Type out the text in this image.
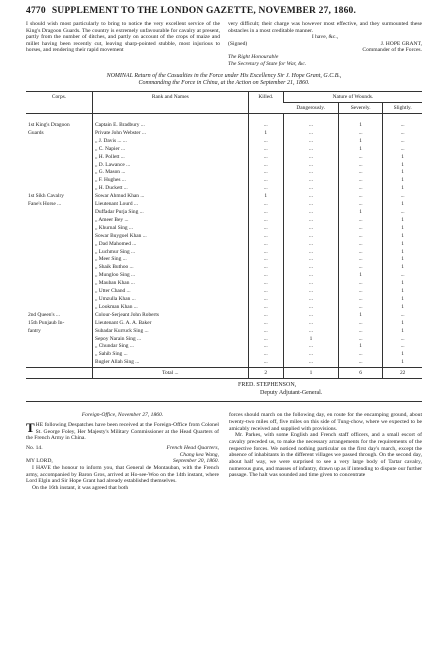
4770 SUPPLEMENT TO THE LONDON GAZETTE, NOVEMBER 27, 1860.
I should wish most particularly to bring to notice the very excellent service of the King's Dragoon Guards. The country is extremely unfavourable for cavalry at present, partly from the number of ditches, and partly on account of the crops of maize and millet having been recently cut, leaving sharp-pointed stubble, most injurious to horses, and rendering their rapid movement
very difficult; their charge was however most effective, and they surmounted these obstacles in a most creditable manner.
I have, &c.,
(Signed)	J. HOPE GRANT,
Commander of the Forces.
The Right Honourable
The Secretary of State for War, &c.
NOMINAL Return of the Casualties in the Force under His Excellency Sir J. Hope Grant, G.C.B.,
Commanding the Force in China, at the Action on September 21, 1860.
Corps.	Rank and Names	Killed.	Nature of Wounds.		
			Dangerously.	Severely.	Slightly.

1st King's Dragoon	Captain E. Bradbury ...	...	...	1	...
Guards	Private John Webster ...	1	...	...	...
	„ J. Davis ... ...	...	...	1	...
	„ C. Napier ...	...	...	1	...
	„ H. Pollett ...	...	...	...	1
	„ D. Lawance ...	...	...	...	1
	„ G. Mason ...	...	...	...	1
	„ F. Hughes ...	...	...	...	1
	„ H. Duckett ...	...	...	...	1
1st Sikh Cavalry	Sowar Ahmud Khan ...	1	...	...	...
Fane's Horse ...	Lieutenant Lourd ...	...	...	...	1
	Duffadar Purja Sing ...	...	...	1	...
	„ Ameer Bey ...	...	...	...	1
	„ Khurnal Sing ...	...	...	...	1
	Sowar Buygoel Khan ...	...	...	...	1
	„ Dad Mahomed ...	...	...	...	1
	„ Luchmur Sing ...	...	...	...	1
	„ Meer Sing ...	...	...	...	1
	„ Shaik Buthoo ...	...	...	...	1
	„ Mungloo Sing ...	...	...	1	...
	„ Mauban Khan ...	...	...	...	1
	„ Utter Chand ...	...	...	...	1
	„ Umzulla Khan ...	...	...	...	1
	„ Lookman Khan ...	...	...	...	1
2nd Queen's ...	Colour-Serjeant John Roberts	...	...	1	...
15th Punjaub In-	Lieutenant G. A. A. Baker	...	...	...	1
fantry	Subadar Kurruck Sing ...	...	...	...	1
	Sepoy Narain Sing ...	...	1	...	...
	„ Chundar Sing ...	...	...	1	...
	„ Sahib Sing ...	...	...	...	1
	Bugler Allah Sing ...	...	...	...	1
	Total ...	2	1	6	22
FRED. STEPHENSON,
Deputy Adjutant-General.
Foreign-Office, November 27, 1860.
THE following Despatches have been received at the Foreign-Office from Colonel St. George Foley, Her Majesty's Military Commissioner at the Head Quarters of the French Army in China.
No. 14.	French Head Quarters,
Chang kea Wang,
MY LORD,	September 20, 1860.
I HAVE the honour to inform you, that General de Montauban, with the French army, accompanied by Baron Gros, arrived at Ho-see-Woo on the 14th instant, where Lord Elgin and Sir Hope Grant had already established themselves.
On the 16th instant, it was agreed that both
forces should march on the following day, en route for the encamping ground, about twenty-two miles off, five miles on this side of Tung-chow, where we expected to be amicably received and supplied with provisions.
Mr. Parkes, with some English and French staff officers, and a small escort of cavalry preceded us, to make the necessary arrangements for the requirements of the respective forces. We noticed nothing particular on the first day's march, except the absence of inhabitants in the different villages we passed through. On the second day, about half way, we were surprised to see a very large body of Tartar cavalry, numerous guns, and masses of infantry, drawn up as if intending to dispute our further passage. The halt was sounded and time given to concentrate
